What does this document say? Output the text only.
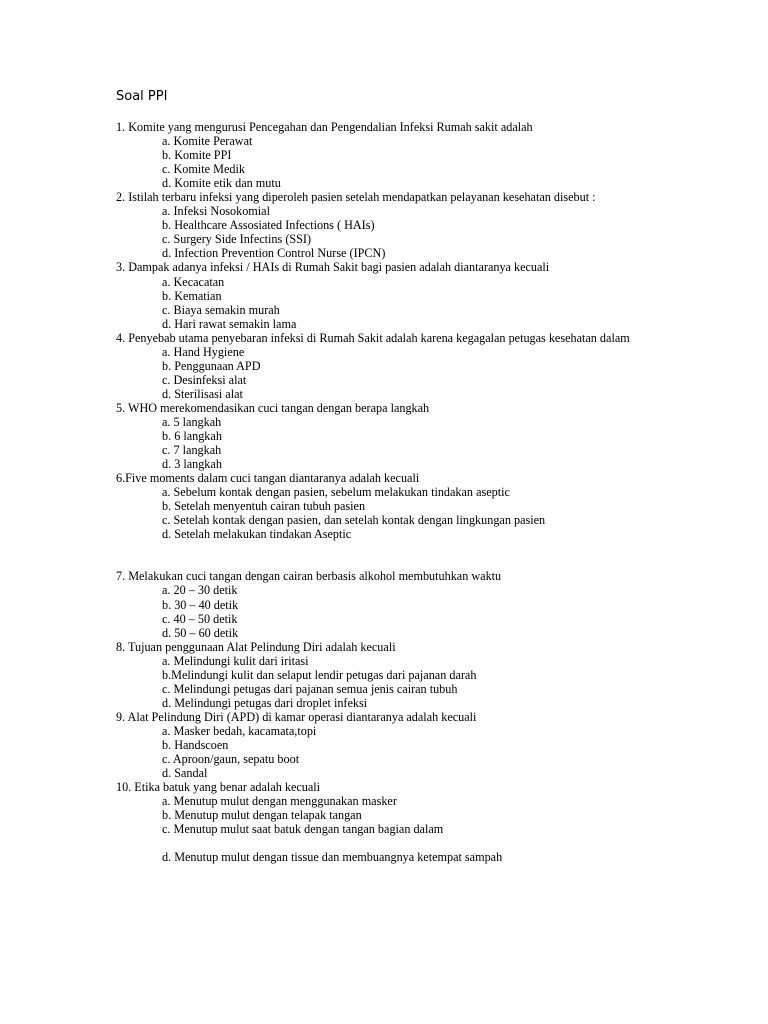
Soal PPI
1. Komite yang mengurusi Pencegahan dan Pengendalian Infeksi Rumah sakit adalah
a. Komite Perawat
b. Komite PPI
c. Komite Medik
d. Komite etik dan mutu
2. Istilah terbaru infeksi yang diperoleh pasien setelah mendapatkan pelayanan kesehatan disebut :
a. Infeksi Nosokomial
b. Healthcare Assosiated Infections ( HAIs)
c. Surgery Side Infectins (SSI)
d. Infection Prevention Control Nurse (IPCN)
3. Dampak adanya infeksi / HAIs di Rumah Sakit bagi pasien adalah diantaranya kecuali
a. Kecacatan
b. Kematian
c. Biaya semakin murah
d. Hari rawat semakin lama
4. Penyebab utama penyebaran infeksi di Rumah Sakit adalah karena kegagalan petugas kesehatan dalam
a. Hand Hygiene
b. Penggunaan APD
c. Desinfeksi alat
d. Sterilisasi alat
5. WHO merekomendasikan cuci tangan dengan berapa langkah
a. 5 langkah
b. 6 langkah
c. 7 langkah
d. 3 langkah
6.Five moments dalam cuci tangan diantaranya adalah kecuali
a. Sebelum kontak dengan pasien, sebelum melakukan tindakan aseptic
b. Setelah menyentuh cairan tubuh pasien
c. Setelah kontak dengan pasien, dan setelah kontak dengan lingkungan pasien
d. Setelah melakukan tindakan Aseptic
7. Melakukan cuci tangan dengan cairan berbasis alkohol membutuhkan waktu
a. 20 – 30 detik
b. 30 – 40 detik
c. 40 – 50 detik
d. 50 – 60 detik
8. Tujuan penggunaan Alat Pelindung Diri adalah kecuali
a. Melindungi kulit dari iritasi
b.Melindungi kulit dan selaput lendir petugas dari pajanan darah
c. Melindungi petugas dari pajanan semua jenis cairan tubuh
d. Melindungi petugas dari droplet infeksi
9. Alat Pelindung Diri (APD) di kamar operasi diantaranya adalah kecuali
a. Masker bedah, kacamata,topi
b. Handscoen
c. Aproon/gaun, sepatu boot
d. Sandal
10. Etika batuk yang benar adalah kecuali
a. Menutup mulut dengan menggunakan masker
b. Menutup mulut dengan telapak tangan
c. Menutup mulut saat batuk dengan tangan bagian dalam
d. Menutup mulut dengan tissue dan membuangnya ketempat sampah
